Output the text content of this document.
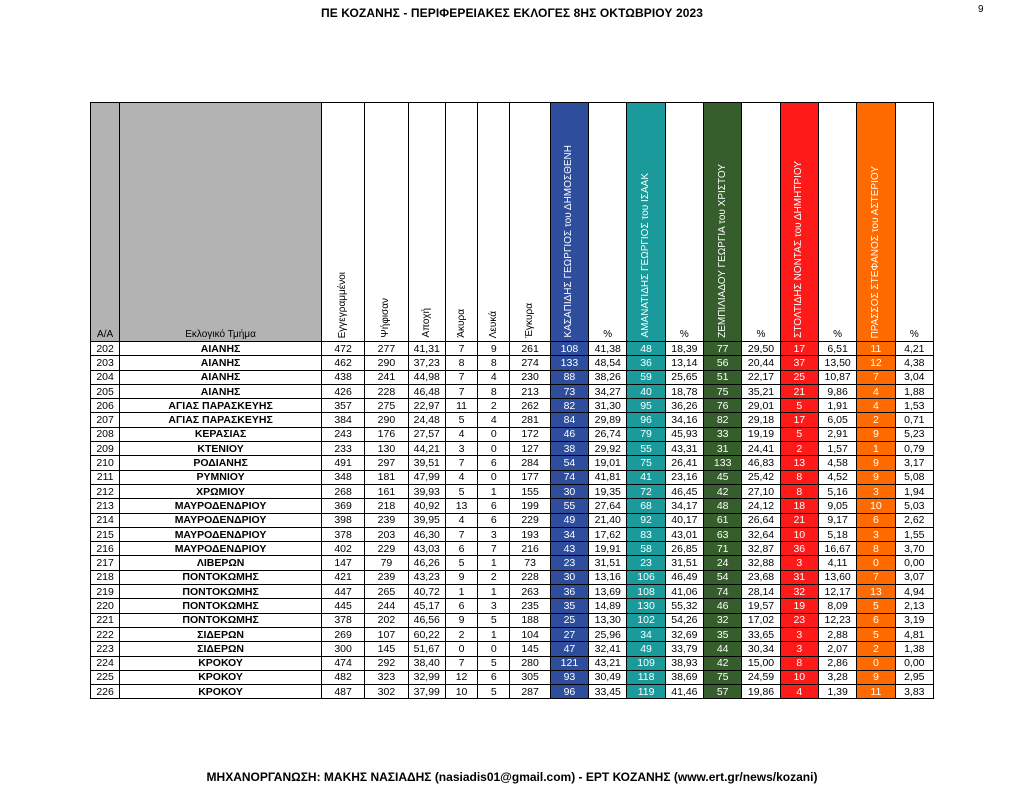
ΠΕ ΚΟΖΑΝΗΣ - ΠΕΡΙΦΕΡΕΙΑΚΕΣ ΕΚΛΟΓΕΣ 8ΗΣ ΟΚΤΩΒΡΙΟΥ 2023	9
Α/Α	Εκλογικό Τμήμα	Εγγεγραμμένοι	Ψήφισαν	Αποχή	Άκυρα	Λευκά	Έγκυρα	ΚΑΣΑΠΙΔΗΣ ΓΕΩΡΓΙΟΣ του ΔΗΜΟΣΘΕΝΗ	%	ΑΜΑΝΑΤΙΔΗΣ ΓΕΩΡΓΙΟΣ του ΙΣΑΑΚ	%	ΖΕΜΠΙΛΙΑΔΟΥ ΓΕΩΡΓΙΑ του ΧΡΙΣΤΟΥ	%	ΣΤΟΛΤΙΔΗΣ ΝΟΝΤΑΣ του ΔΗΜΗΤΡΙΟΥ	%	ΠΡΑΣΣΟΣ ΣΤΕΦΑΝΟΣ του ΑΣΤΕΡΙΟΥ	%
202	ΑΙΑΝΗΣ	472	277	41,31	7	9	261	108	41,38	48	18,39	77	29,50	17	6,51	11	4,21
203	ΑΙΑΝΗΣ	462	290	37,23	8	8	274	133	48,54	36	13,14	56	20,44	37	13,50	12	4,38
204	ΑΙΑΝΗΣ	438	241	44,98	7	4	230	88	38,26	59	25,65	51	22,17	25	10,87	7	3,04
205	ΑΙΑΝΗΣ	426	228	46,48	7	8	213	73	34,27	40	18,78	75	35,21	21	9,86	4	1,88
206	ΑΓΙΑΣ ΠΑΡΑΣΚΕΥΗΣ	357	275	22,97	11	2	262	82	31,30	95	36,26	76	29,01	5	1,91	4	1,53
207	ΑΓΙΑΣ ΠΑΡΑΣΚΕΥΗΣ	384	290	24,48	5	4	281	84	29,89	96	34,16	82	29,18	17	6,05	2	0,71
208	ΚΕΡΑΣΙΑΣ	243	176	27,57	4	0	172	46	26,74	79	45,93	33	19,19	5	2,91	9	5,23
209	ΚΤΕΝΙΟΥ	233	130	44,21	3	0	127	38	29,92	55	43,31	31	24,41	2	1,57	1	0,79
210	ΡΟΔΙΑΝΗΣ	491	297	39,51	7	6	284	54	19,01	75	26,41	133	46,83	13	4,58	9	3,17
211	ΡΥΜΝΙΟΥ	348	181	47,99	4	0	177	74	41,81	41	23,16	45	25,42	8	4,52	9	5,08
212	ΧΡΩΜΙΟΥ	268	161	39,93	5	1	155	30	19,35	72	46,45	42	27,10	8	5,16	3	1,94
213	ΜΑΥΡΟΔΕΝΔΡΙΟΥ	369	218	40,92	13	6	199	55	27,64	68	34,17	48	24,12	18	9,05	10	5,03
214	ΜΑΥΡΟΔΕΝΔΡΙΟΥ	398	239	39,95	4	6	229	49	21,40	92	40,17	61	26,64	21	9,17	6	2,62
215	ΜΑΥΡΟΔΕΝΔΡΙΟΥ	378	203	46,30	7	3	193	34	17,62	83	43,01	63	32,64	10	5,18	3	1,55
216	ΜΑΥΡΟΔΕΝΔΡΙΟΥ	402	229	43,03	6	7	216	43	19,91	58	26,85	71	32,87	36	16,67	8	3,70
217	ΛΙΒΕΡΩΝ	147	79	46,26	5	1	73	23	31,51	23	31,51	24	32,88	3	4,11	0	0,00
218	ΠΟΝΤΟΚΩΜΗΣ	421	239	43,23	9	2	228	30	13,16	106	46,49	54	23,68	31	13,60	7	3,07
219	ΠΟΝΤΟΚΩΜΗΣ	447	265	40,72	1	1	263	36	13,69	108	41,06	74	28,14	32	12,17	13	4,94
220	ΠΟΝΤΟΚΩΜΗΣ	445	244	45,17	6	3	235	35	14,89	130	55,32	46	19,57	19	8,09	5	2,13
221	ΠΟΝΤΟΚΩΜΗΣ	378	202	46,56	9	5	188	25	13,30	102	54,26	32	17,02	23	12,23	6	3,19
222	ΣΙΔΕΡΩΝ	269	107	60,22	2	1	104	27	25,96	34	32,69	35	33,65	3	2,88	5	4,81
223	ΣΙΔΕΡΩΝ	300	145	51,67	0	0	145	47	32,41	49	33,79	44	30,34	3	2,07	2	1,38
224	ΚΡΟΚΟΥ	474	292	38,40	7	5	280	121	43,21	109	38,93	42	15,00	8	2,86	0	0,00
225	ΚΡΟΚΟΥ	482	323	32,99	12	6	305	93	30,49	118	38,69	75	24,59	10	3,28	9	2,95
226	ΚΡΟΚΟΥ	487	302	37,99	10	5	287	96	33,45	119	41,46	57	19,86	4	1,39	11	3,83
ΜΗΧΑΝΟΡΓΑΝΩΣΗ: ΜΑΚΗΣ ΝΑΣΙΑΔΗΣ (nasiadis01@gmail.com) - ΕΡΤ ΚΟΖΑΝΗΣ (www.ert.gr/news/kozani)
